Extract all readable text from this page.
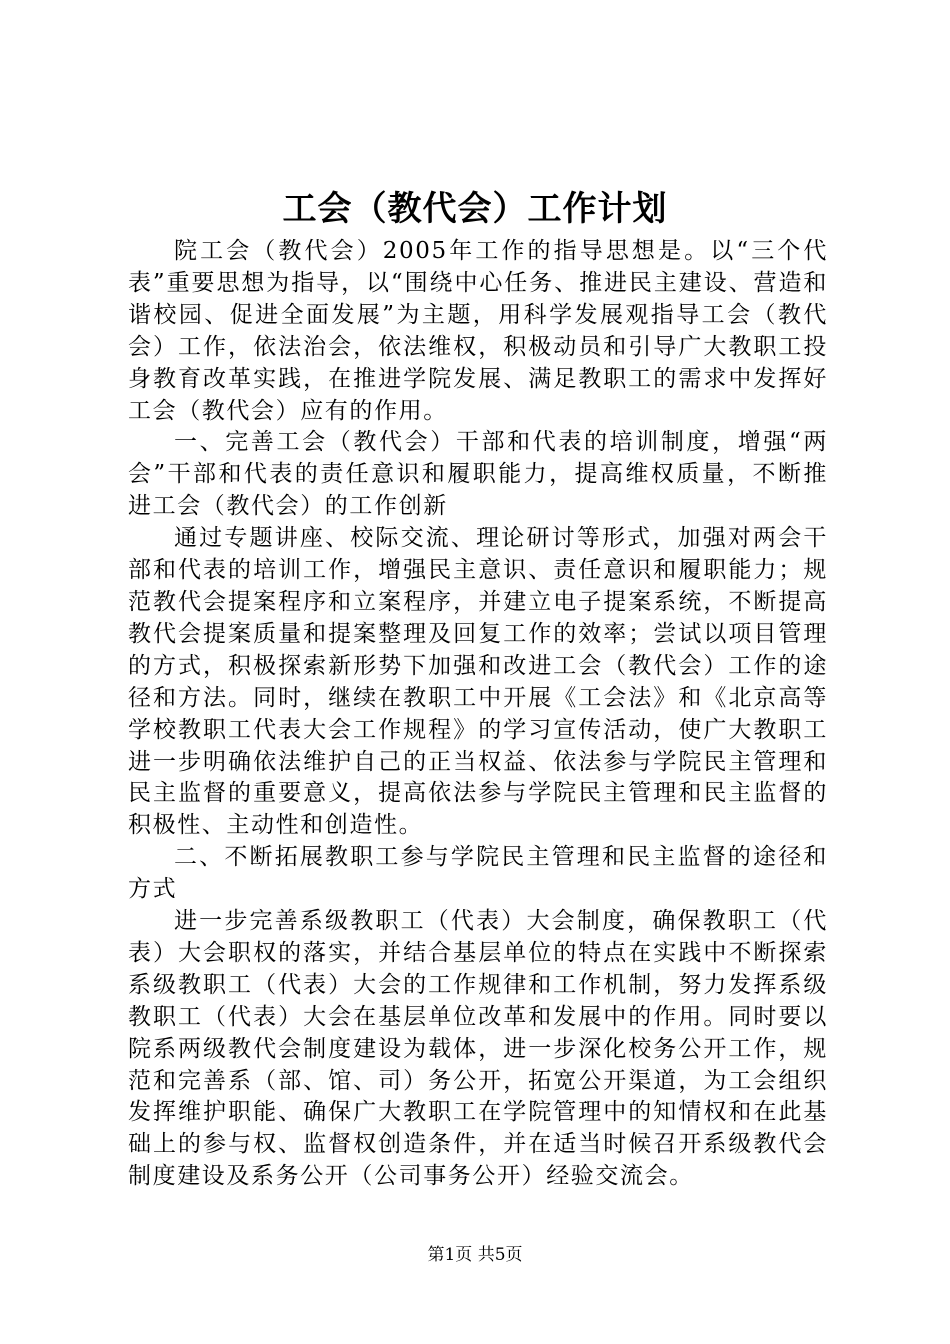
工会（教代会）工作计划

院工会（教代会）2005年工作的指导思想是。以“三个代表”重要思想为指导，以“围绕中心任务、推进民主建设、营造和谐校园、促进全面发展”为主题，用科学发展观指导工会（教代会）工作，依法治会，依法维权，积极动员和引导广大教职工投身教育改革实践，在推进学院发展、满足教职工的需求中发挥好工会（教代会）应有的作用。

一、完善工会（教代会）干部和代表的培训制度，增强“两会”干部和代表的责任意识和履职能力，提高维权质量，不断推进工会（教代会）的工作创新

通过专题讲座、校际交流、理论研讨等形式，加强对两会干部和代表的培训工作，增强民主意识、责任意识和履职能力；规范教代会提案程序和立案程序，并建立电子提案系统，不断提高教代会提案质量和提案整理及回复工作的效率；尝试以项目管理的方式，积极探索新形势下加强和改进工会（教代会）工作的途径和方法。同时，继续在教职工中开展《工会法》和《北京高等学校教职工代表大会工作规程》的学习宣传活动，使广大教职工进一步明确依法维护自己的正当权益、依法参与学院民主管理和民主监督的重要意义，提高依法参与学院民主管理和民主监督的积极性、主动性和创造性。

二、不断拓展教职工参与学院民主管理和民主监督的途径和方式

进一步完善系级教职工（代表）大会制度，确保教职工（代表）大会职权的落实，并结合基层单位的特点在实践中不断探索系级教职工（代表）大会的工作规律和工作机制，努力发挥系级教职工（代表）大会在基层单位改革和发展中的作用。同时要以院系两级教代会制度建设为载体，进一步深化校务公开工作，规范和完善系（部、馆、司）务公开，拓宽公开渠道，为工会组织发挥维护职能、确保广大教职工在学院管理中的知情权和在此基础上的参与权、监督权创造条件，并在适当时候召开系级教代会制度建设及系务公开（公司事务公开）经验交流会。

第1页 共5页
